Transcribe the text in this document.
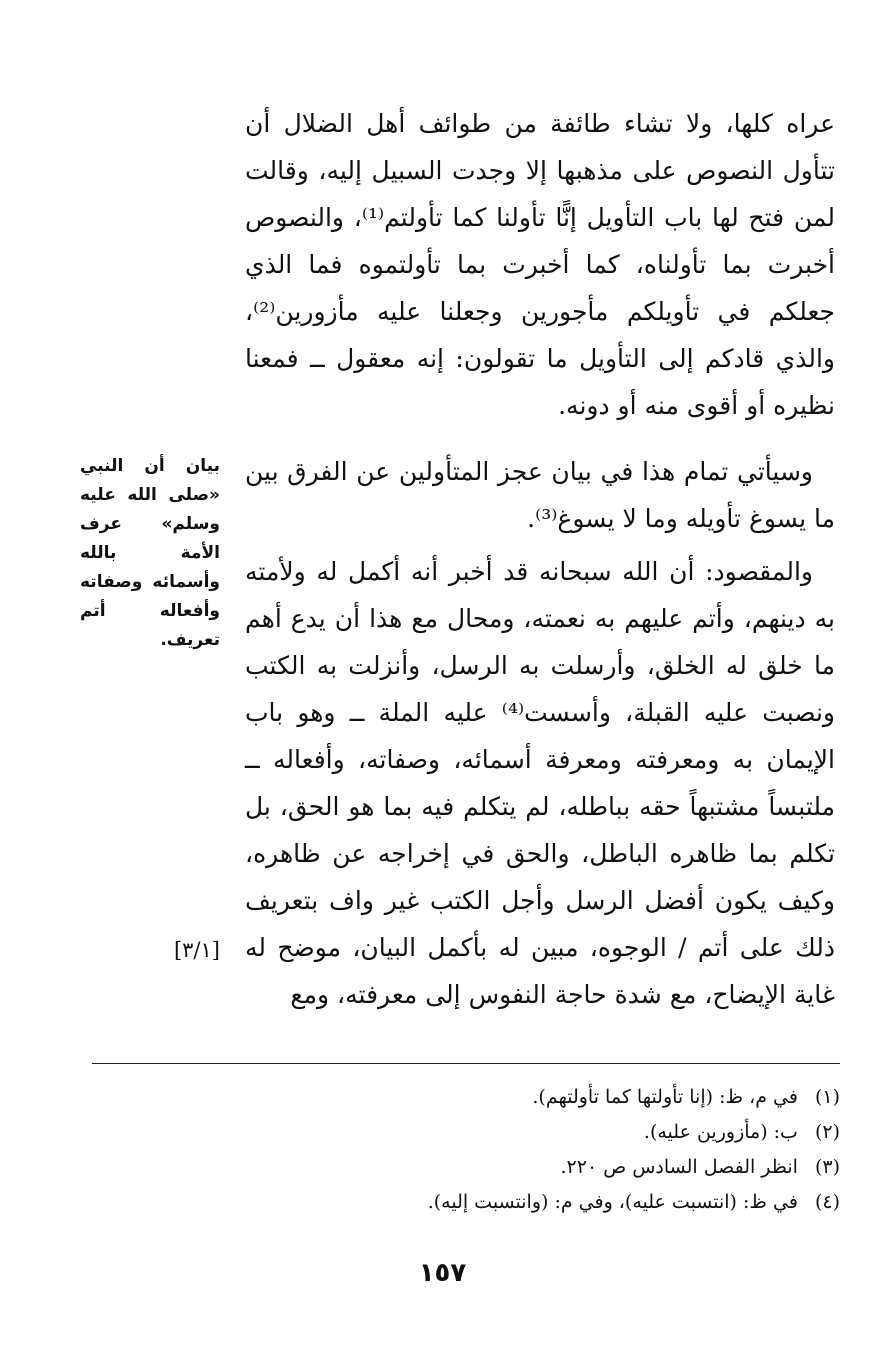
عراه كلها، ولا تشاء طائفة من طوائف أهل الضلال أن تتأول النصوص على مذهبها إلا وجدت السبيل إليه، وقالت لمن فتح لها باب التأويل إنًّا تأولنا كما تأولتم⁽¹⁾، والنصوص أخبرت بما تأولناه، كما أخبرت بما تأولتموه فما الذي جعلكم في تأويلكم مأجورين وجعلنا عليه مأزورين⁽²⁾، والذي قادكم إلى التأويل ما تقولون: إنه معقول ــ فمعنا نظيره أو أقوى منه أو دونه.

وسيأتي تمام هذا في بيان عجز المتأولين عن الفرق بين ما يسوغ تأويله وما لا يسوغ⁽³⁾.

والمقصود: أن الله سبحانه قد أخبر أنه أكمل له ولأمته به دينهم، وأتم عليهم به نعمته، ومحال مع هذا أن يدع أهم ما خلق له الخلق، وأرسلت به الرسل، وأنزلت به الكتب ونصبت عليه القبلة، وأسست⁽⁴⁾ عليه الملة ــ وهو باب الإيمان به ومعرفته ومعرفة أسمائه، وصفاته، وأفعاله ــ ملتبساً مشتبهاً حقه بباطله، لم يتكلم فيه بما هو الحق، بل تكلم بما ظاهره الباطل، والحق في إخراجه عن ظاهره، وكيف يكون أفضل الرسل وأجل الكتب غير واف بتعريف ذلك على أتم / الوجوه، مبين له بأكمل البيان، موضح له غاية الإيضاح، مع شدة حاجة النفوس إلى معرفته، ومع

بيان أن النبي «صلى الله عليه وسلم» عرف الأمة بالله وأسمائه وصفاته وأفعاله أتم تعريف.
[٣/١]
(١) في م، ظ: (إنا تأولتها كما تأولتهم).
(٢) ب: (مأزورين عليه).
(٣) انظر الفصل السادس ص ٢٢٠.
(٤) في ظ: (انتسبت عليه)، وفي م: (وانتسبت إليه).
١٥٧
